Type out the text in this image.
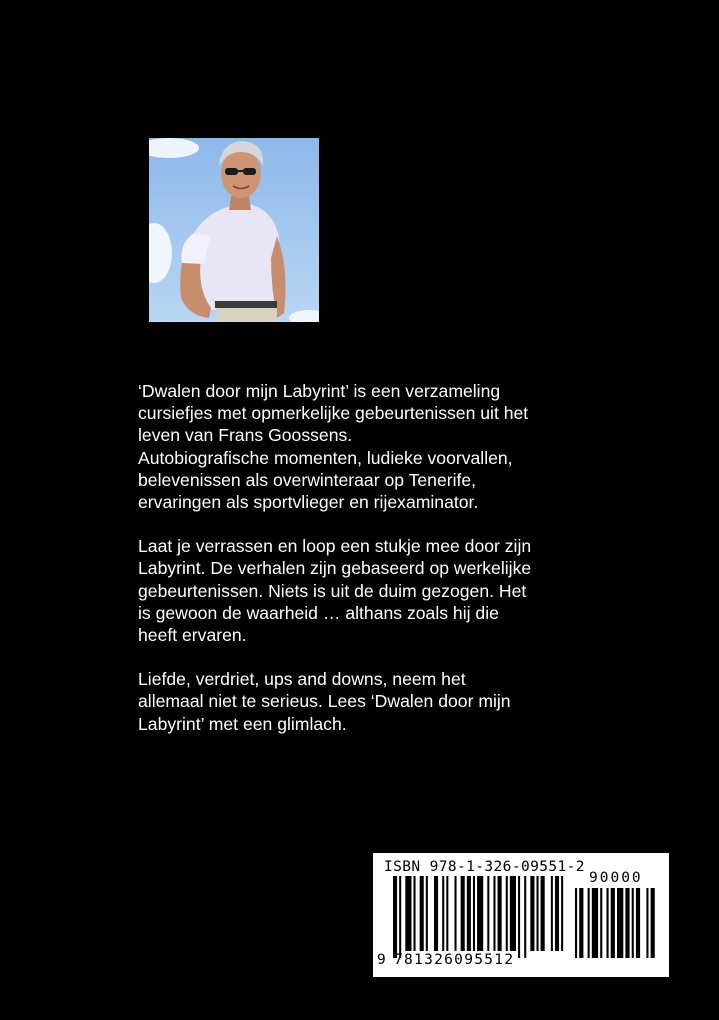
‘Dwalen door mijn Labyrint’ is een verzameling
cursiefjes met opmerkelijke gebeurtenissen uit het
leven van Frans Goossens.
Autobiografische momenten, ludieke voorvallen,
belevenissen als overwinteraar op Tenerife,
ervaringen als sportvlieger en rijexaminator.

Laat je verrassen en loop een stukje mee door zijn
Labyrint. De verhalen zijn gebaseerd op werkelijke
gebeurtenissen. Niets is uit de duim gezogen. Het
is gewoon de waarheid … althans zoals hij die
heeft ervaren.

Liefde, verdriet, ups and downs, neem het
allemaal niet te serieus. Lees ‘Dwalen door mijn
Labyrint’ met een glimlach.

ISBN 978-1-326-09551-2
90000
9 781326095512
